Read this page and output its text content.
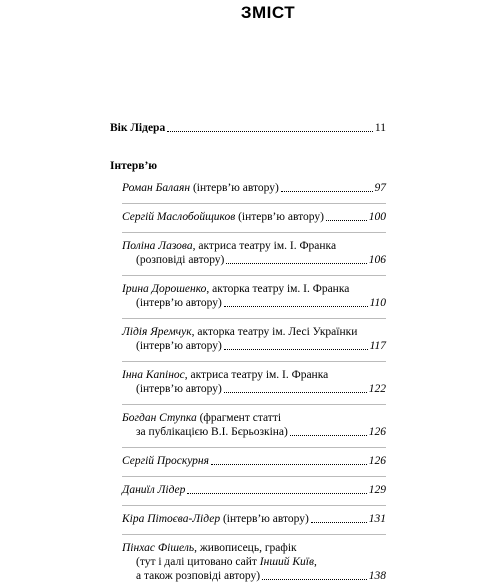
ЗМІСТ
Вік Лідера	11
Інтерв’ю
Роман Балаян (інтерв’ю автору)	97
Сергій Маслобойщиков (інтерв’ю автору)	100
Поліна Лазова, актриса театру ім. І. Франка
(розповіді автору)	106
Ірина Дорошенко, акторка театру ім. І. Франка
(інтерв’ю автору)	110
Лідія Яремчук, акторка театру ім. Лесі Українки
(інтерв’ю автору)	117
Інна Капінос, актриса театру ім. І. Франка
(інтерв’ю автору)	122
Богдан Ступка (фрагмент статті
за публікацією В.І. Бєрьозкіна)	126
Сергій Проскурня	126
Даниїл Лідер	129
Кіра Пітоєва-Лідер (інтерв’ю автору)	131
Пінхас Фішель, живописець, графік
(тут і далі цитовано сайт Інший Київ,
а також розповіді автору)	138
